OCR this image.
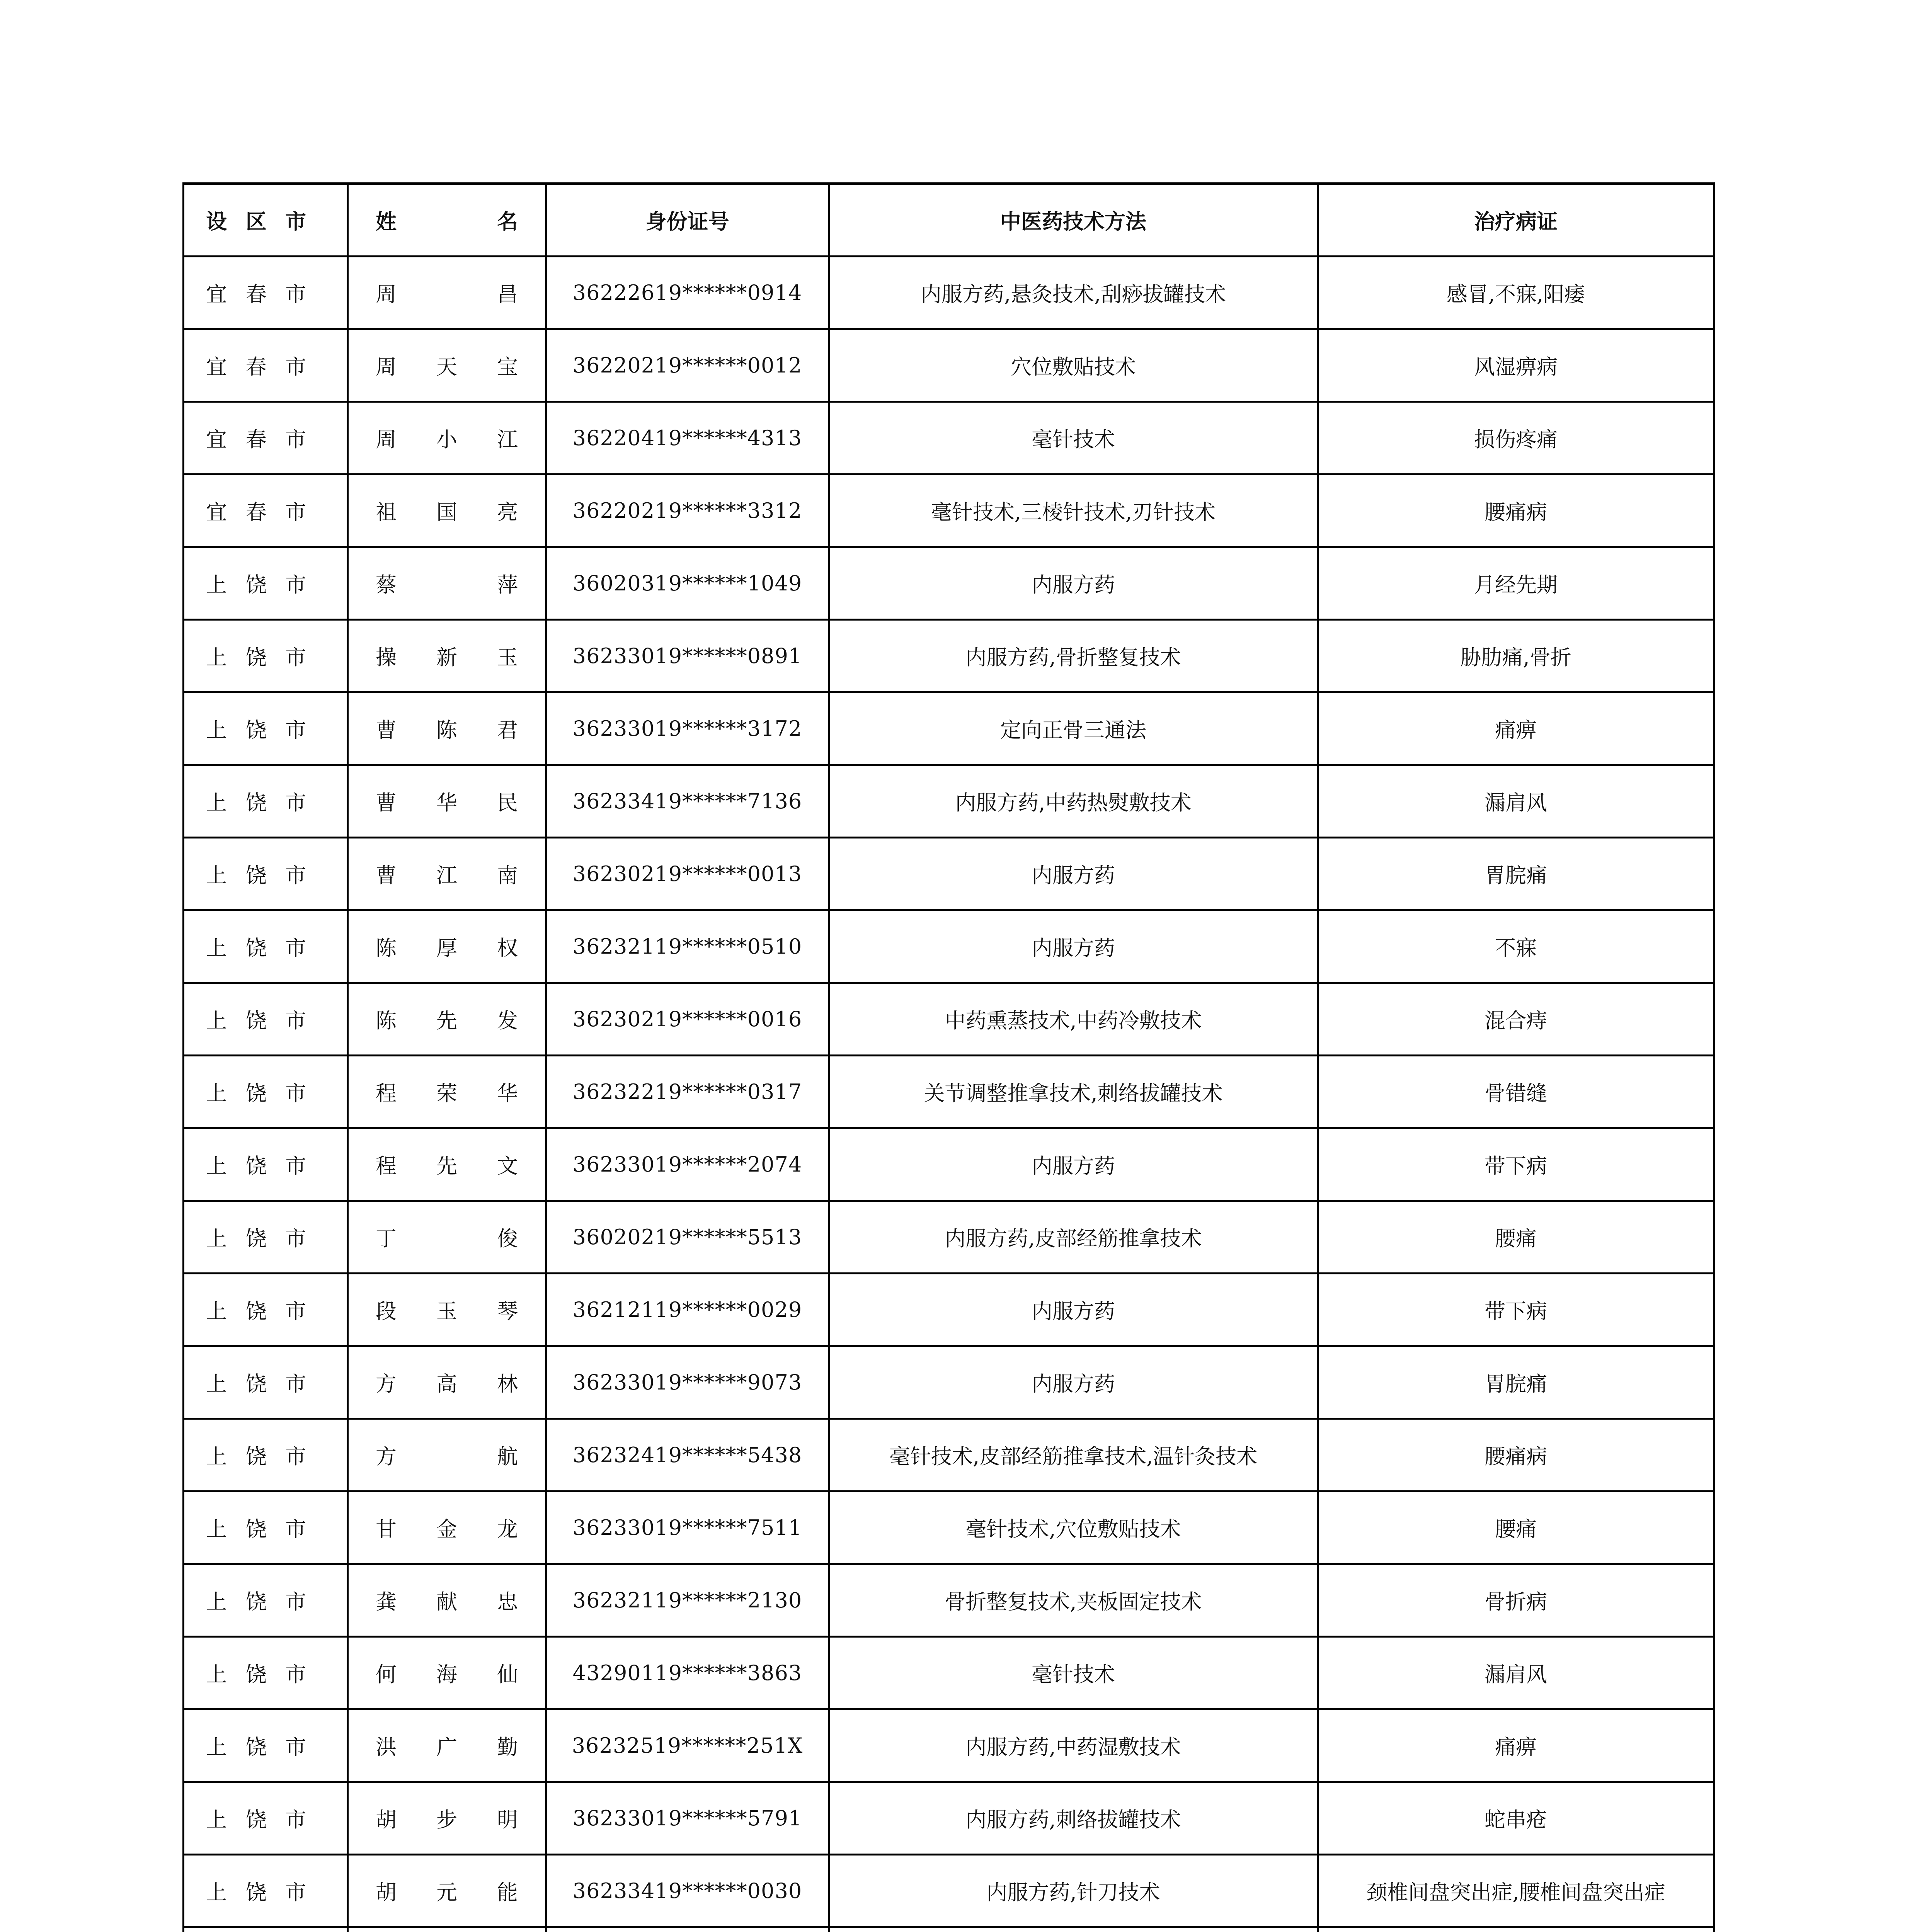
设区市	姓 名	身份证号	中医药技术方法	治疗病证
宜春市	周 昌	36222619******0914	内服方药,悬灸技术,刮痧拔罐技术	感冒,不寐,阳痿
宜春市	周 天 宝	36220219******0012	穴位敷贴技术	风湿痹病
宜春市	周 小 江	36220419******4313	毫针技术	损伤疼痛
宜春市	祖 国 亮	36220219******3312	毫针技术,三棱针技术,刃针技术	腰痛病
上饶市	蔡 萍	36020319******1049	内服方药	月经先期
上饶市	操 新 玉	36233019******0891	内服方药,骨折整复技术	胁肋痛,骨折
上饶市	曹 陈 君	36233019******3172	定向正骨三通法	痛痹
上饶市	曹 华 民	36233419******7136	内服方药,中药热熨敷技术	漏肩风
上饶市	曹 江 南	36230219******0013	内服方药	胃脘痛
上饶市	陈 厚 权	36232119******0510	内服方药	不寐
上饶市	陈 先 发	36230219******0016	中药熏蒸技术,中药冷敷技术	混合痔
上饶市	程 荣 华	36232219******0317	关节调整推拿技术,刺络拔罐技术	骨错缝
上饶市	程 先 文	36233019******2074	内服方药	带下病
上饶市	丁 俊	36020219******5513	内服方药,皮部经筋推拿技术	腰痛
上饶市	段 玉 琴	36212119******0029	内服方药	带下病
上饶市	方 高 林	36233019******9073	内服方药	胃脘痛
上饶市	方 航	36232419******5438	毫针技术,皮部经筋推拿技术,温针灸技术	腰痛病
上饶市	甘 金 龙	36233019******7511	毫针技术,穴位敷贴技术	腰痛
上饶市	龚 献 忠	36232119******2130	骨折整复技术,夹板固定技术	骨折病
上饶市	何 海 仙	43290119******3863	毫针技术	漏肩风
上饶市	洪 广 勤	36232519******251X	内服方药,中药湿敷技术	痛痹
上饶市	胡 步 明	36233019******5791	内服方药,刺络拔罐技术	蛇串疮
上饶市	胡 元 能	36233419******0030	内服方药,针刀技术	颈椎间盘突出症,腰椎间盘突出症
